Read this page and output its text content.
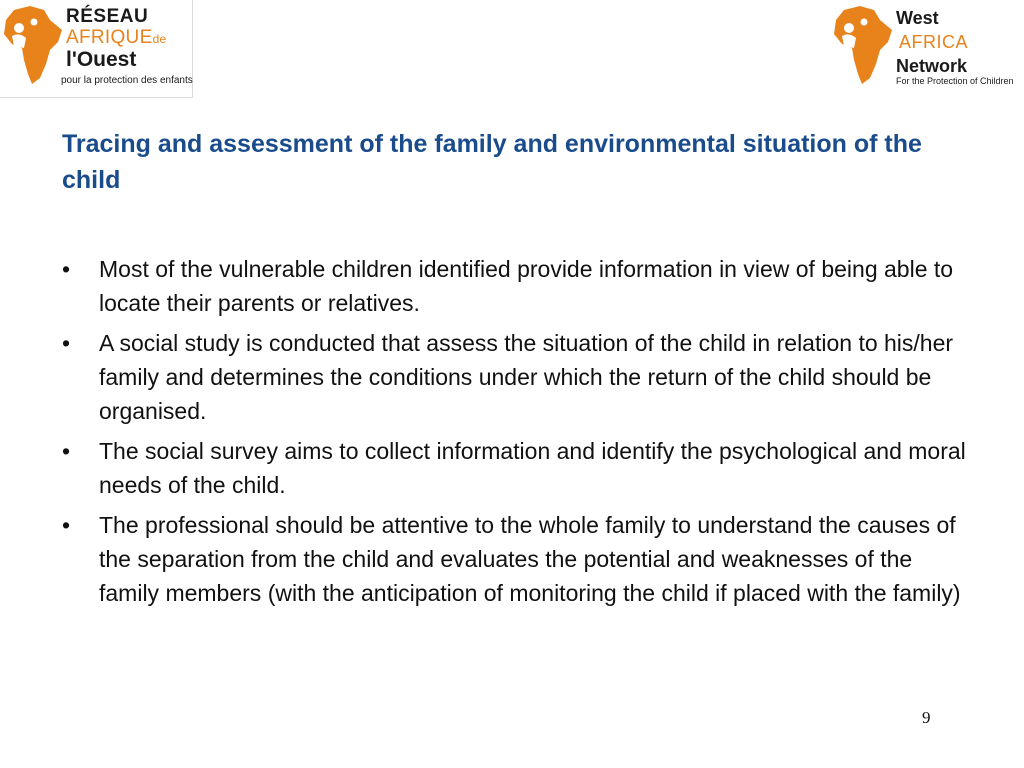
RÉSEAU
AFRIQUEde
l'Ouest
pour la protection des enfants
West
AFRICA
Network
For the Protection of Children
Tracing and assessment of the family and environmental situation of the child
• Most of the vulnerable children identified provide information in view of being able to locate their parents or relatives.
• A social study is conducted that assess the situation of the child in relation to his/her family and determines the conditions under which the return of the child should be organised.
• The social survey aims to collect information and identify the psychological and moral needs of the child.
• The professional should be attentive to the whole family to understand the causes of the separation from the child and evaluates the potential and weaknesses of the family members (with the anticipation of monitoring the child if placed with the family)
9
